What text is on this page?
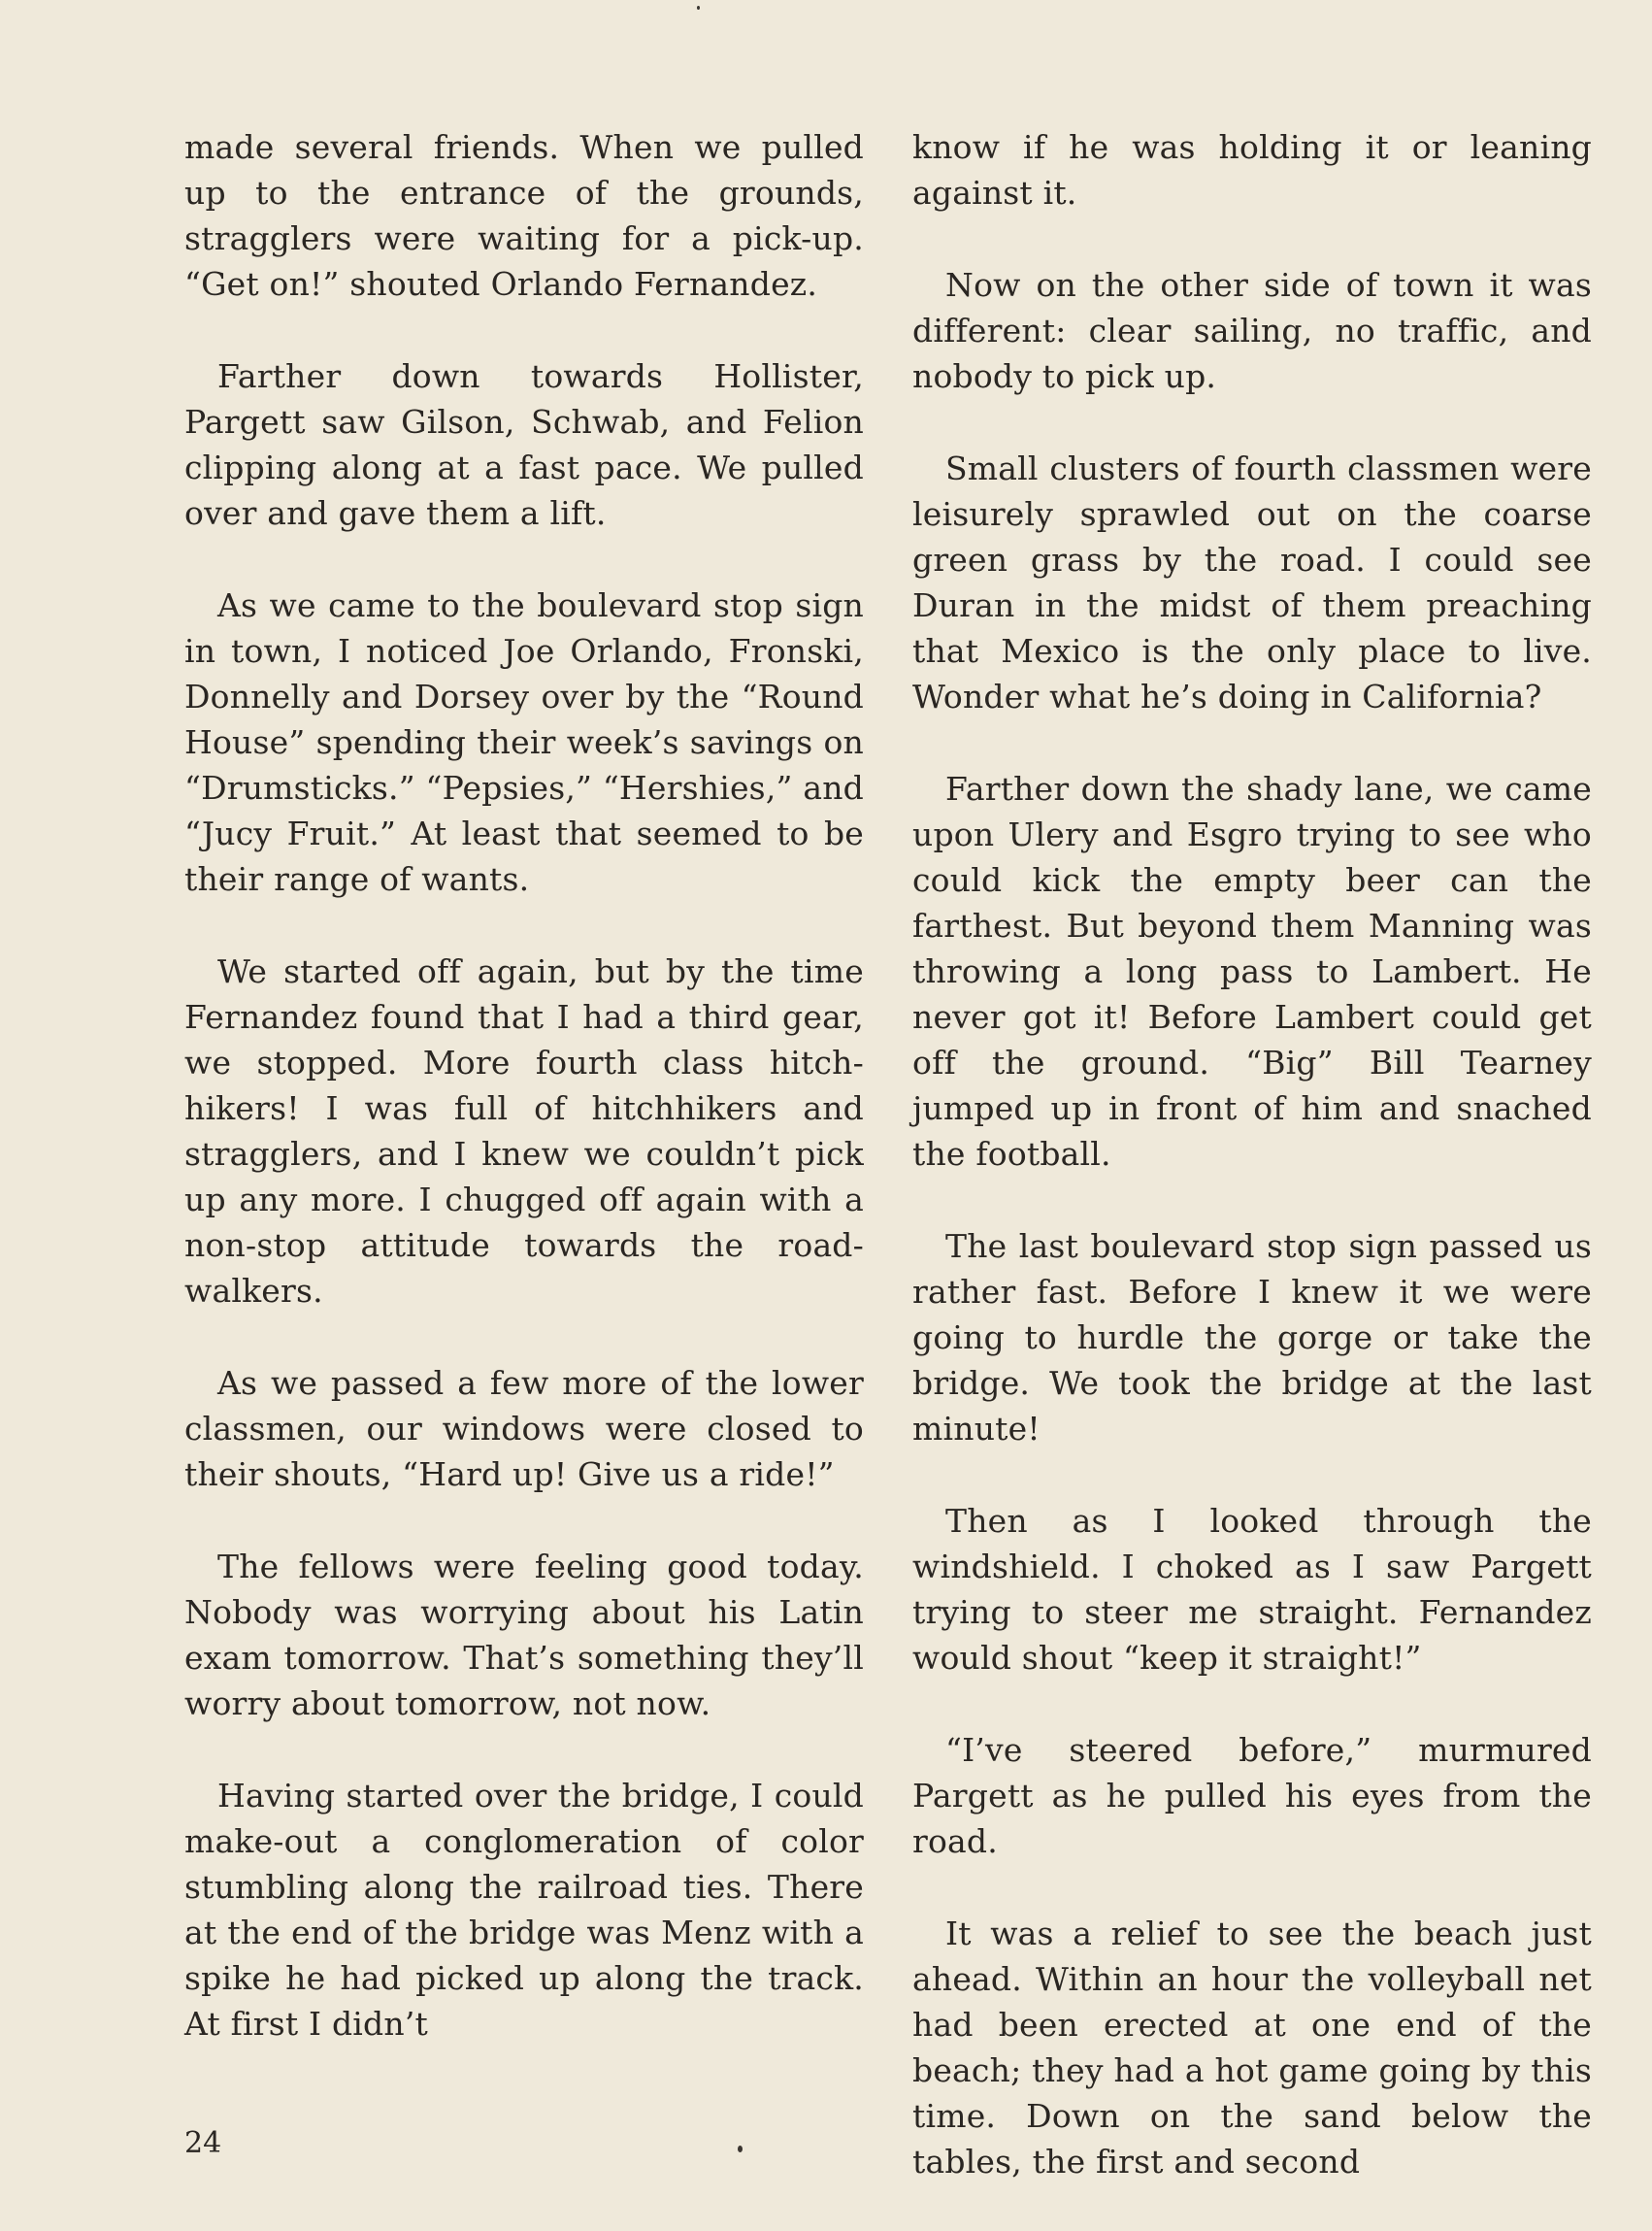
made several friends. When we pulled up to the entrance of the grounds, stragglers were waiting for a pick-up. “Get on!” shouted Orlando Fernandez.

Farther down towards Hollister, Pargett saw Gilson, Schwab, and Felion clipping along at a fast pace. We pulled over and gave them a lift.

As we came to the boulevard stop sign in town, I noticed Joe Orlando, Fronski, Donnelly and Dorsey over by the “Round House” spending their week’s savings on “Drumsticks.” “Pepsies,” “Hershies,” and “Jucy Fruit.” At least that seemed to be their range of wants.

We started off again, but by the time Fernandez found that I had a third gear, we stopped. More fourth class hitch-hikers! I was full of hitchhikers and stragglers, and I knew we couldn’t pick up any more. I chugged off again with a non-stop attitude towards the road-walkers.

As we passed a few more of the lower classmen, our windows were closed to their shouts, “Hard up! Give us a ride!”

The fellows were feeling good today. Nobody was worrying about his Latin exam tomorrow. That’s something they’ll worry about tomorrow, not now.

Having started over the bridge, I could make-out a conglomeration of color stumbling along the railroad ties. There at the end of the bridge was Menz with a spike he had picked up along the track. At first I didn’t

know if he was holding it or leaning against it.

Now on the other side of town it was different: clear sailing, no traffic, and nobody to pick up.

Small clusters of fourth classmen were leisurely sprawled out on the coarse green grass by the road. I could see Duran in the midst of them preaching that Mexico is the only place to live. Wonder what he’s doing in California?

Farther down the shady lane, we came upon Ulery and Esgro trying to see who could kick the empty beer can the farthest. But beyond them Manning was throwing a long pass to Lambert. He never got it! Before Lambert could get off the ground. “Big” Bill Tearney jumped up in front of him and snached the football.

The last boulevard stop sign passed us rather fast. Before I knew it we were going to hurdle the gorge or take the bridge. We took the bridge at the last minute!

Then as I looked through the windshield. I choked as I saw Pargett trying to steer me straight. Fernandez would shout “keep it straight!”

“I’ve steered before,” murmured Pargett as he pulled his eyes from the road.

It was a relief to see the beach just ahead. Within an hour the volleyball net had been erected at one end of the beach; they had a hot game going by this time. Down on the sand below the tables, the first and second

24
